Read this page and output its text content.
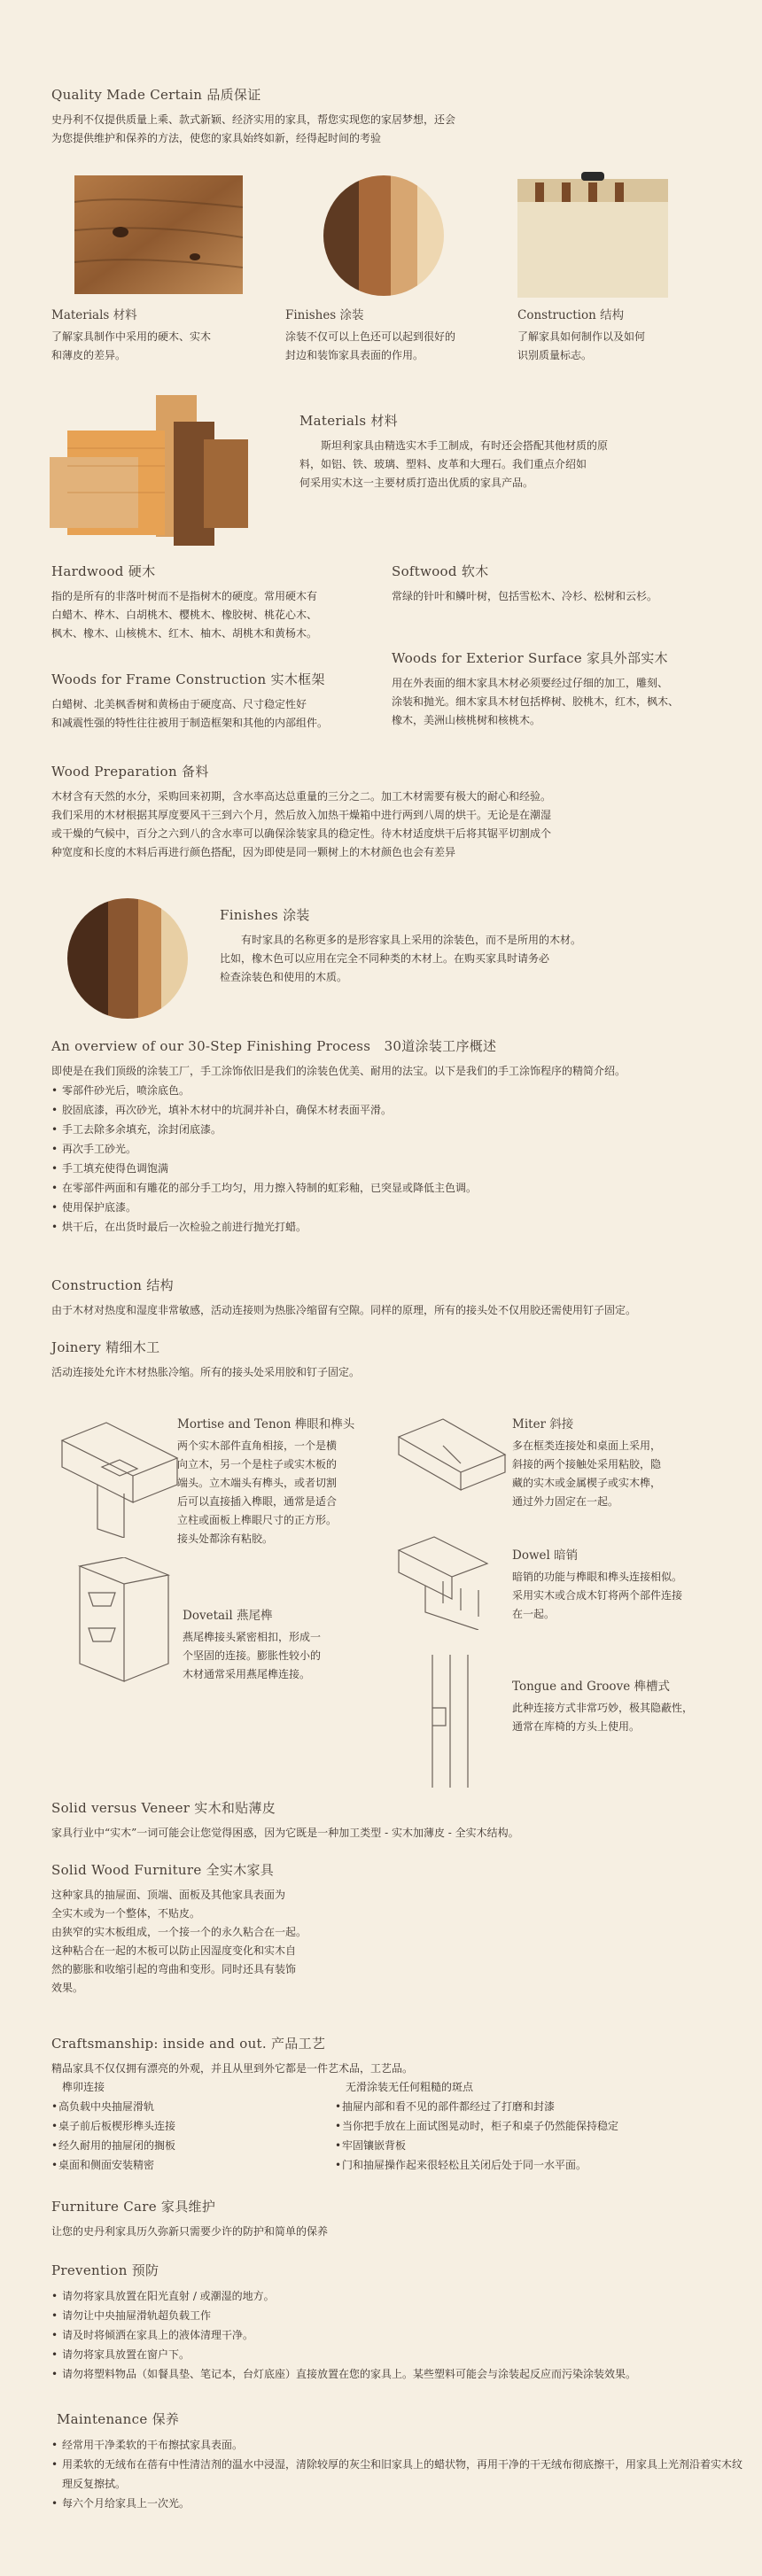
Quality Made Certain 品质保证

史丹利不仅提供质量上乘、款式新颖、经济实用的家具，帮您实现您的家居梦想，还会

为您提供维护和保养的方法，使您的家具始终如新，经得起时间的考验

Materials 材料

了解家具制作中采用的硬木、实木

和薄皮的差异。

Finishes 涂装

涂装不仅可以上色还可以起到很好的

封边和装饰家具表面的作用。

Construction 结构

了解家具如何制作以及如何

识别质量标志。

Materials 材料

斯坦利家具由精选实木手工制成，有时还会搭配其他材质的原

料，如铝、铁、玻璃、塑料、皮革和大理石。我们重点介绍如

何采用实木这一主要材质打造出优质的家具产品。

Hardwood 硬木

指的是所有的非落叶树而不是指树木的硬度。常用硬木有

白蜡木、桦木、白胡桃木、樱桃木、橡胶树、桃花心木、

枫木、橡木、山核桃木、红木、柚木、胡桃木和黄杨木。

Softwood 软木

常绿的针叶和鳞叶树，包括雪松木、冷杉、松树和云杉。

Woods for Exterior Surface 家具外部实木

用在外表面的细木家具木材必须要经过仔细的加工，雕刻、

涂装和抛光。细木家具木材包括桦树、胶桃木，红木，枫木、

橡木，美洲山核桃树和核桃木。

Woods for Frame Construction 实木框架

白蜡树、北美枫香树和黄杨由于硬度高、尺寸稳定性好

和减震性强的特性往往被用于制造框架和其他的内部组件。

Wood Preparation 备料

木材含有天然的水分，采购回来初期，含水率高达总重量的三分之二。加工木材需要有极大的耐心和经验。

我们采用的木材根据其厚度要风干三到六个月，然后放入加热干燥箱中进行两到八周的烘干。无论是在潮湿

或干燥的气候中，百分之六到八的含水率可以确保涂装家具的稳定性。待木材适度烘干后将其锯平切割成个

种宽度和长度的木料后再进行颜色搭配，因为即使是同一颗树上的木材颜色也会有差异

Finishes 涂装

有时家具的名称更多的是形容家具上采用的涂装色，而不是所用的木材。

比如，橡木色可以应用在完全不同种类的木材上。在购买家具时请务必

检查涂装色和使用的木质。

An overview of our 30-Step Finishing Process　30道涂装工序概述

即使是在我们顶级的涂装工厂，手工涂饰依旧是我们的涂装色优美、耐用的法宝。以下是我们的手工涂饰程序的精简介绍。

• 零部件砂光后，喷涂底色。
• 胶固底漆，再次砂光，填补木材中的坑洞并补白，确保木材表面平滑。
• 手工去除多余填充，涂封闭底漆。
• 再次手工砂光。
• 手工填充使得色调饱满
• 在零部件两面和有雕花的部分手工均匀，用力擦入特制的虹彩釉，已突显或降低主色调。
• 使用保护底漆。
• 烘干后，在出货时最后一次检验之前进行抛光打蜡。
Construction 结构

由于木材对热度和湿度非常敏感，活动连接则为热胀冷缩留有空隙。同样的原理，所有的接头处不仅用胶还需使用钉子固定。

Joinery 精细木工

活动连接处允许木材热胀冷缩。所有的接头处采用胶和钉子固定。

Mortise and Tenon 榫眼和榫头

两个实木部件直角相接，一个是横

向立木，另一个是柱子或实木板的

端头。立木端头有榫头，或者切割

后可以直接插入榫眼，通常是适合

立柱或面板上榫眼尺寸的正方形。

接头处都涂有粘胶。

Miter 斜接

多在框类连接处和桌面上采用，

斜接的两个接触处采用粘胶，隐

藏的实木或金属楔子或实木榫，

通过外力固定在一起。

Dowel 暗销

暗销的功能与榫眼和榫头连接相似。

采用实木或合成木钉将两个部件连接

在一起。

Dovetail 燕尾榫

燕尾榫接头紧密相扣，形成一

个坚固的连接。膨胀性较小的

木材通常采用燕尾榫连接。

Tongue and Groove 榫槽式

此种连接方式非常巧妙，极其隐蔽性，

通常在库椅的方头上使用。

Solid versus Veneer 实木和贴薄皮

家具行业中“实木”一词可能会让您觉得困惑，因为它既是一种加工类型 - 实木加薄皮 - 全实木结构。

Solid Wood Furniture 全实木家具

这种家具的抽屉面、顶端、面板及其他家具表面为

全实木或为一个整体，不贴皮。

由狭窄的实木板组成，一个接一个的永久粘合在一起。

这种粘合在一起的木板可以防止因湿度变化和实木自

然的膨胀和收缩引起的弯曲和变形。同时还具有装饰

效果。

Craftsmanship: inside and out. 产品工艺

精品家具不仅仅拥有漂亮的外观，并且从里到外它都是一件艺术品，工艺品。

榫卯连接

• 高负载中央抽屉滑轨
• 桌子前后板楔形榫头连接
• 经久耐用的抽屉闭的搁板
• 桌面和侧面安装精密

无滑涂装无任何粗糙的斑点

• 抽屉内部和看不见的部件都经过了打磨和封漆
• 当你把手放在上面试图晃动时，柜子和桌子仍然能保持稳定
• 牢固镶嵌背板
• 门和抽屉操作起来很轻松且关闭后处于同一水平面。
Furniture Care 家具维护

让您的史丹利家具历久弥新只需要少许的防护和简单的保养

Prevention 预防
• 请勿将家具放置在阳光直射 / 或潮湿的地方。
• 请勿让中央抽屉滑轨超负载工作
• 请及时将倾洒在家具上的液体清理干净。
• 请勿将家具放置在窗户下。
• 请勿将塑料物品（如餐具垫、笔记本，台灯底座）直接放置在您的家具上。某些塑料可能会与涂装起反应而污染涂装效果。
Maintenance 保养
• 经常用干净柔软的干布擦拭家具表面。
• 用柔软的无绒布在蓓有中性清洁剂的温水中浸湿，清除较厚的灰尘和旧家具上的蜡状物，再用干净的干无绒布彻底擦干，用家具上光剂沿着实木纹理反复擦拭。
• 每六个月给家具上一次光。
